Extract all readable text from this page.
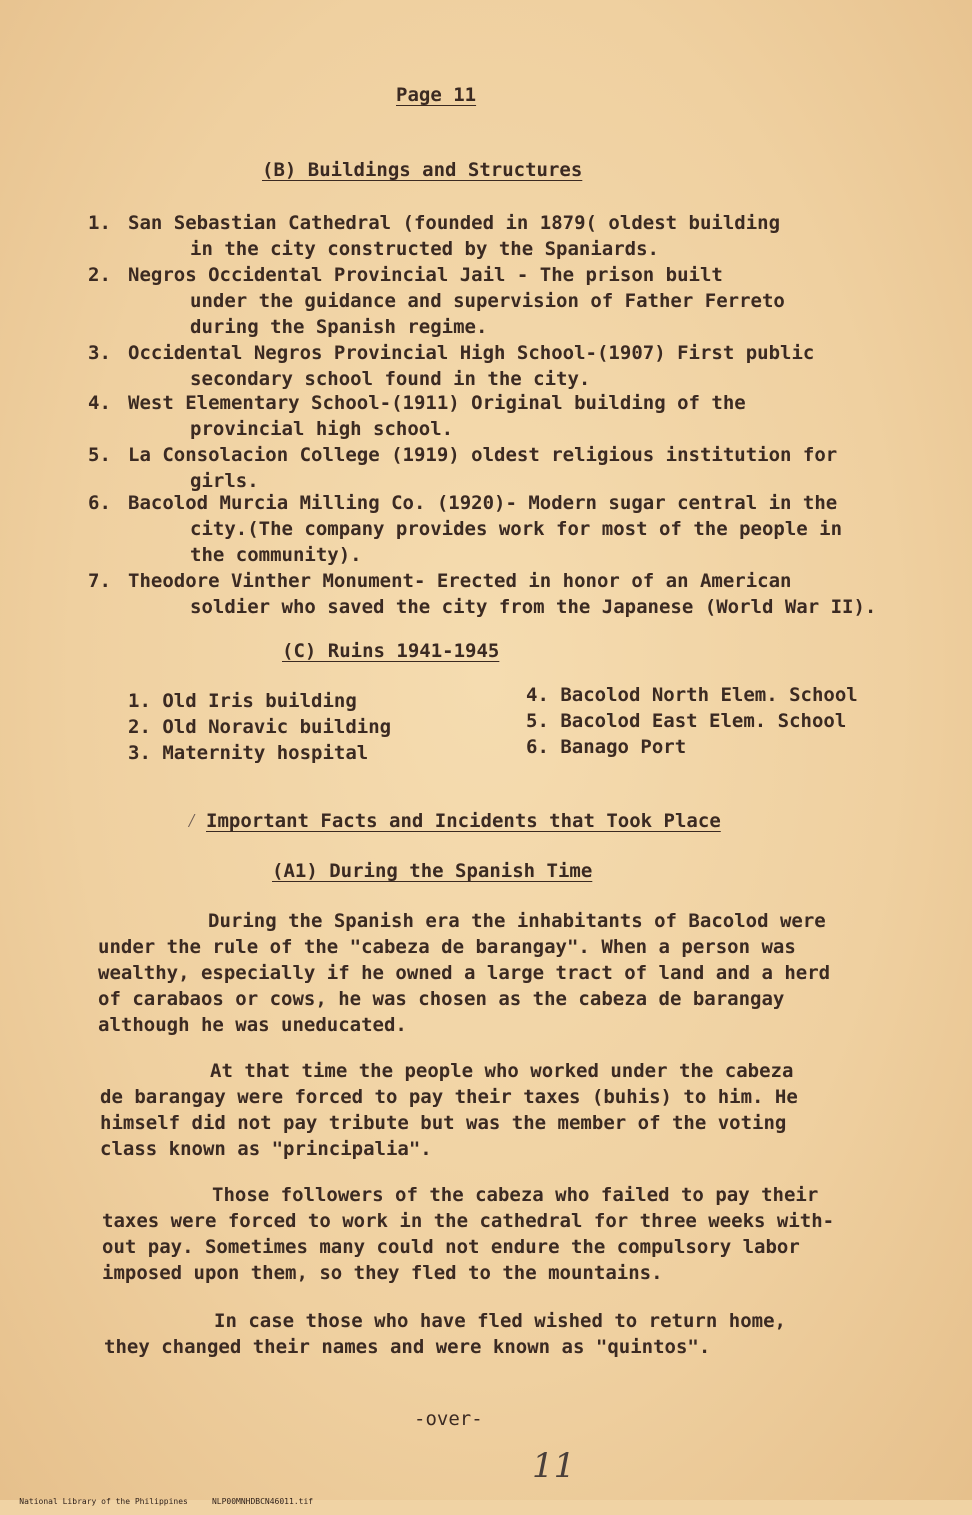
Page 11
(B) Buildings and Structures
1. San Sebastian Cathedral (founded in 1879( oldest building
in the city constructed by the Spaniards.
2. Negros Occidental Provincial Jail - The prison built
under the guidance and supervision of Father Ferreto
during the Spanish regime.
3. Occidental Negros Provincial High School-(1907) First public
secondary school found in the city.
4. West Elementary School-(1911) Original building of the
provincial high school.
5. La Consolacion College (1919) oldest religious institution for
girls.
6. Bacolod Murcia Milling Co. (1920)- Modern sugar central in the
city.(The company provides work for most of the people in
the community).
7. Theodore Vinther Monument- Erected in honor of an American
soldier who saved the city from the Japanese (World War II).
(C) Ruins 1941-1945
1. Old Iris building
2. Old Noravic building
3. Maternity hospital
4. Bacolod North Elem. School
5. Bacolod East Elem. School
6. Banago Port
Important Facts and Incidents that Took Place
⁄
(A1) During the Spanish Time
During the Spanish era the inhabitants of Bacolod were
under the rule of the "cabeza de barangay". When a person was
wealthy, especially if he owned a large tract of land and a herd
of carabaos or cows, he was chosen as the cabeza de barangay
although he was uneducated.
At that time the people who worked under the cabeza
de barangay were forced to pay their taxes (buhis) to him. He
himself did not pay tribute but was the member of the voting
class known as "principalia".
Those followers of the cabeza who failed to pay their
taxes were forced to work in the cathedral for three weeks with-
out pay. Sometimes many could not endure the compulsory labor
imposed upon them, so they fled to the mountains.
In case those who have fled wished to return home,
they changed their names and were known as "quintos".
-over-
11

National Library of the Philippines	NLP00MNHDBCN46011.tif
